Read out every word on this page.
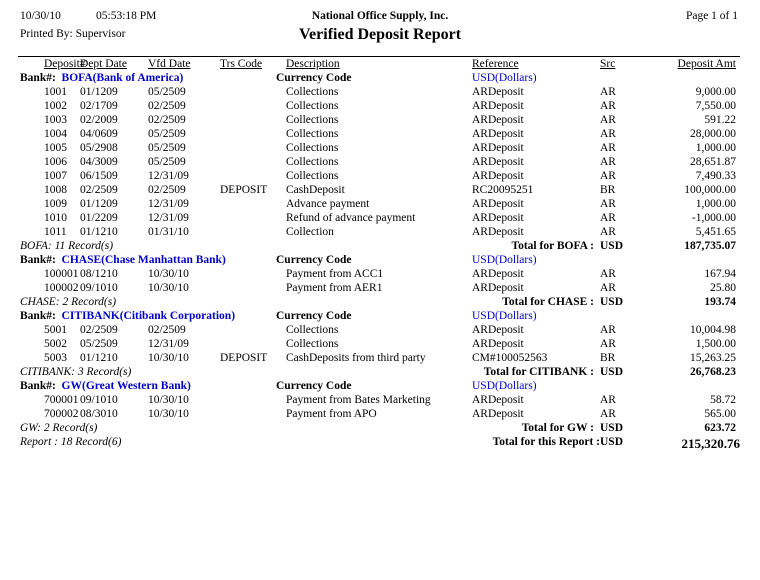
10/30/10	05:53:18 PM	National Office Supply, Inc.	Page 1 of 1
Printed By: Supervisor	Verified Deposit Report
Deposit#	Dept Date	Vfd Date	Trs Code	Description	Reference	Src	Deposit Amt
Bank#: BOFA(Bank of America)			Currency Code		USD(Dollars)		
1001	01/1209	05/2509		Collections	ARDeposit	AR	9,000.00
1002	02/1709	02/2509		Collections	ARDeposit	AR	7,550.00
1003	02/2009	02/2509		Collections	ARDeposit	AR	591.22
1004	04/0609	05/2509		Collections	ARDeposit	AR	28,000.00
1005	05/2908	05/2509		Collections	ARDeposit	AR	1,000.00
1006	04/3009	05/2509		Collections	ARDeposit	AR	28,651.87
1007	06/1509	12/31/09		Collections	ARDeposit	AR	7,490.33
1008	02/2509	02/2509	DEPOSIT	CashDeposit	RC20095251	BR	100,000.00
1009	01/1209	12/31/09		Advance payment	ARDeposit	AR	1,000.00
1010	01/2209	12/31/09		Refund of advance payment	ARDeposit	AR	-1,000.00
1011	01/1210	01/31/10		Collection	ARDeposit	AR	5,451.65
BOFA: 11 Record(s)				Total for BOFA :		USD	187,735.07
Bank#: CHASE(Chase Manhattan Bank)			Currency Code		USD(Dollars)		
100001	08/1210	10/30/10		Payment from ACC1	ARDeposit	AR	167.94
100002	09/1010	10/30/10		Payment from AER1	ARDeposit	AR	25.80
CHASE: 2 Record(s)				Total for CHASE :		USD	193.74
Bank#: CITIBANK(Citibank Corporation)			Currency Code		USD(Dollars)		
5001	02/2509	02/2509		Collections	ARDeposit	AR	10,004.98
5002	05/2509	12/31/09		Collections	ARDeposit	AR	1,500.00
5003	01/1210	10/30/10	DEPOSIT	CashDeposits from third party	CM#100052563	BR	15,263.25
CITIBANK: 3 Record(s)				Total for CITIBANK :		USD	26,768.23
Bank#: GW(Great Western Bank)			Currency Code		USD(Dollars)		
700001	09/1010	10/30/10		Payment from Bates Marketing	ARDeposit	AR	58.72
700002	08/3010	10/30/10		Payment from APO	ARDeposit	AR	565.00
GW: 2 Record(s)				Total for GW :		USD	623.72
Report : 18 Record(6)				Total for this Report :		USD	215,320.76
